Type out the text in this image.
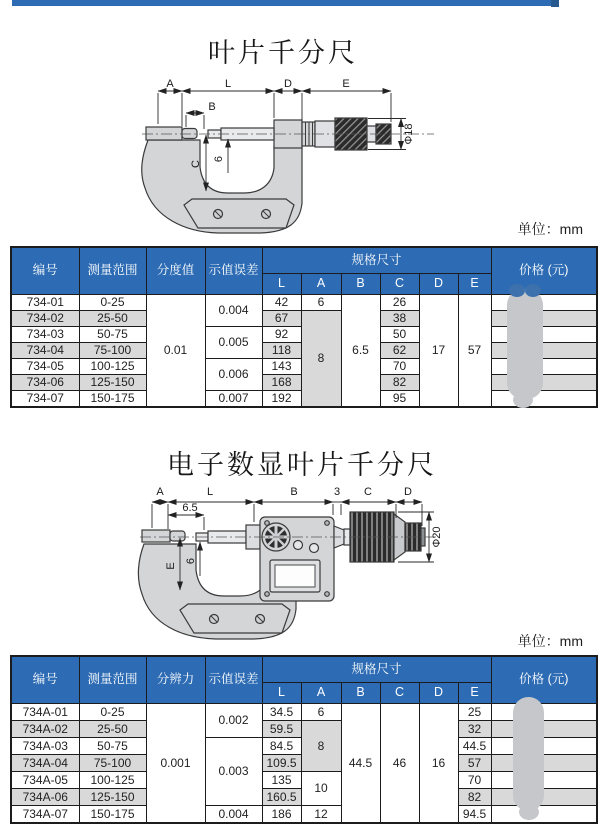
叶片千分尺
A	L	D	E
B
C
6
Φ18
单位：mm
编号	测量范围	分度值	示值误差	规格尺寸						价格 (元)
				L	A	B	C	D	E	
734-01	0-25	0.01	0.004	42	6	6.5	26	17	57	
734-02	25-50			67	8		38			
734-03	50-75		0.005	92			50			
734-04	75-100			118			62			
734-05	100-125		0.006	143			70			
734-06	125-150			168			82			
734-07	150-175		0.007	192			95			
电子数显叶片千分尺
A	L	B	3 C	D
6.5
E
6
Φ20
单位：mm
编号	测量范围	分辨力	示值误差	规格尺寸						价格 (元)
				L	A	B	C	D	E	
734A-01	0-25	0.001	0.002	34.5	6	44.5	46	16	25	
734A-02	25-50			59.5	8				32	
734A-03	50-75		0.003	84.5					44.5	
734A-04	75-100			109.5					57	
734A-05	100-125			135	10				70	
734A-06	125-150			160.5					82	
734A-07	150-175		0.004	186	12				94.5	
